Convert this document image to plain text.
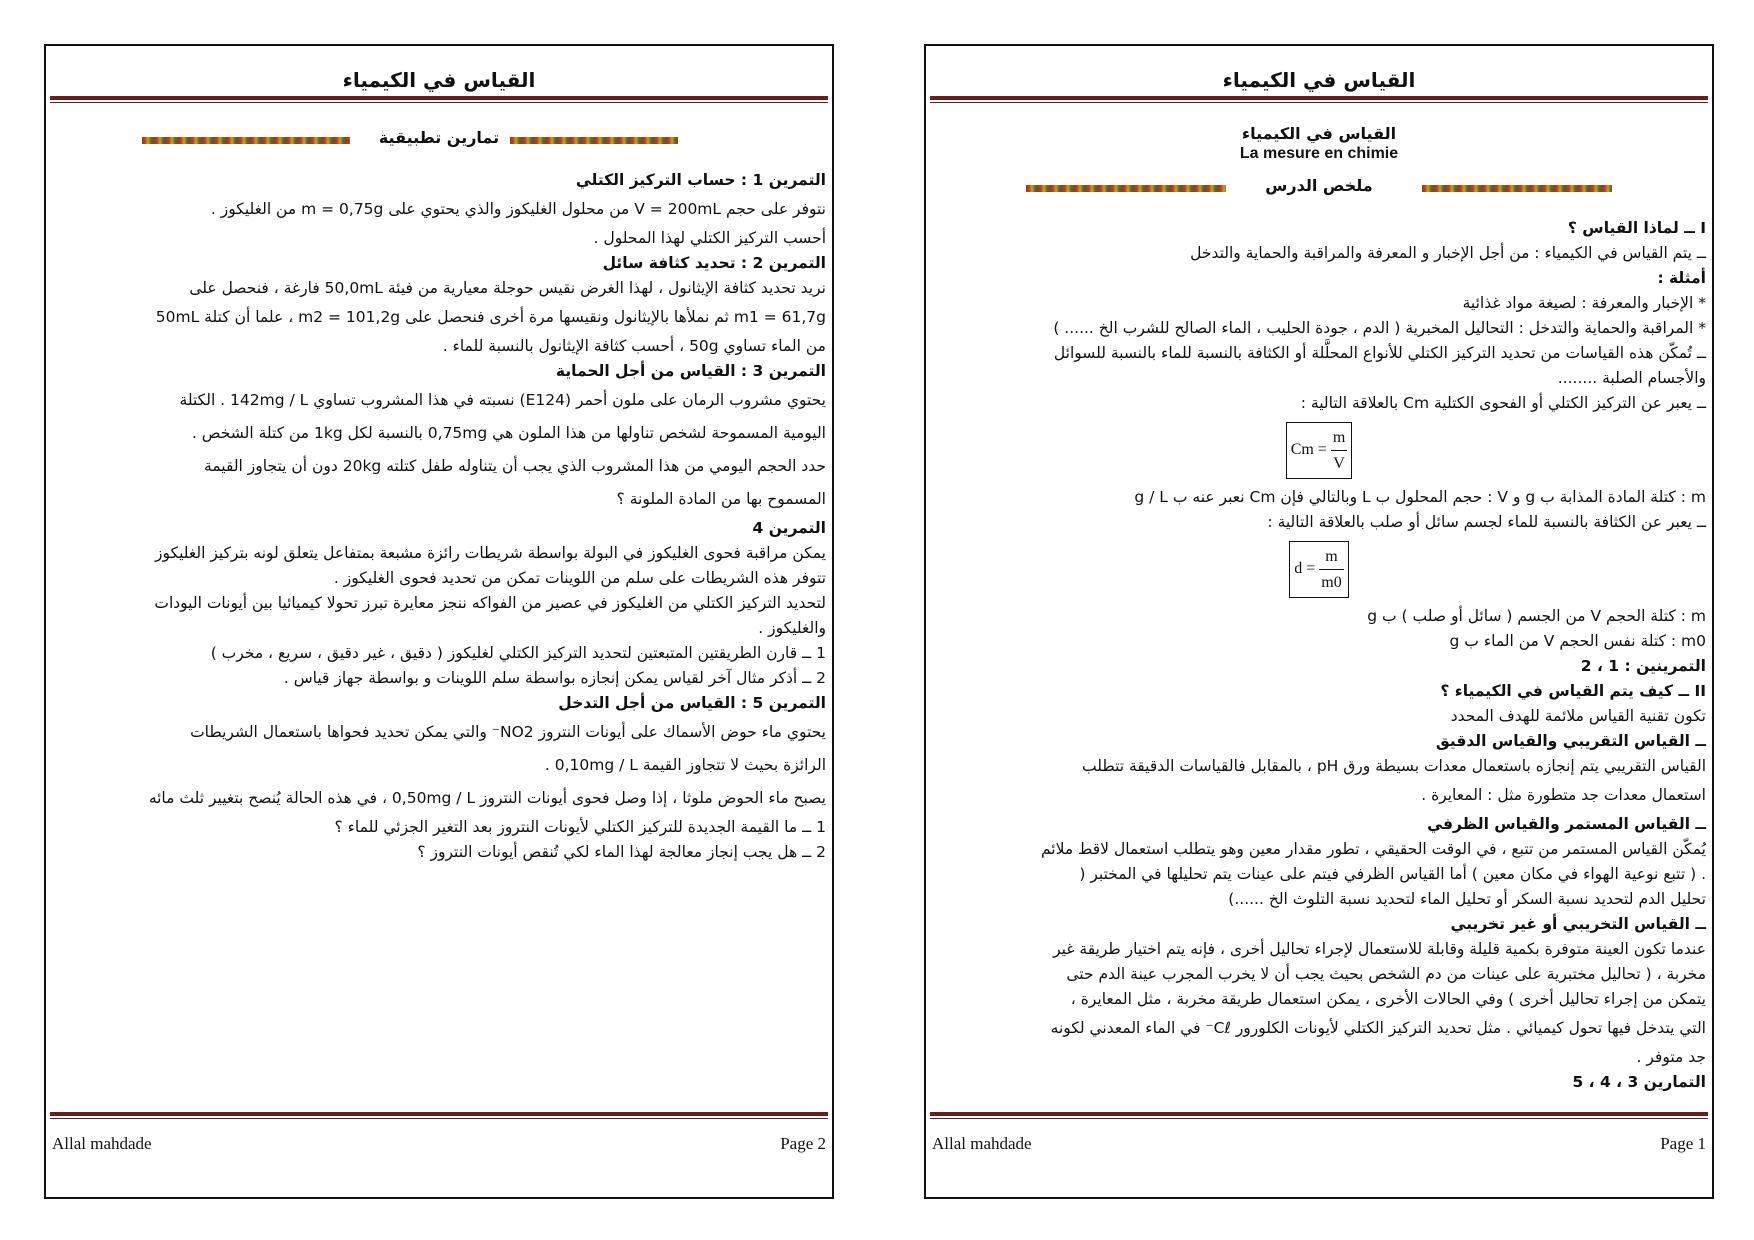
القياس في الكيمياء
تمارين تطبيقية
التمرين 1 : حساب التركيز الكتلي
نتوفر على حجم V = 200mL من محلول الغليكوز والذي يحتوي على m = 0,75g من الغليكوز .
أحسب التركيز الكتلي لهذا المحلول .
التمرين 2 : تحديد كثافة سائل
نريد تحديد كثافة الإيثانول ، لهذا الغرض نقيس حوجلة معيارية من فيئة 50,0mL فارغة ، فنحصل على
m1 = 61,7g ثم نملأها بالإيثانول ونقيسها مرة أخرى فنحصل على m2 = 101,2g ، علما أن كتلة 50mL
من الماء تساوي 50g ، أحسب كثافة الإيثانول بالنسبة للماء .
التمرين 3 : القياس من أجل الحماية
يحتوي مشروب الرمان على ملون أحمر (E124) نسبته في هذا المشروب تساوي 142mg / L . الكتلة
اليومية المسموحة لشخص تناولها من هذا الملون هي 0,75mg بالنسبة لكل 1kg من كتلة الشخص .
حدد الحجم اليومي من هذا المشروب الذي يجب أن يتناوله طفل كتلته 20kg دون أن يتجاوز القيمة
المسموح بها من المادة الملونة ؟
التمرين 4
يمكن مراقبة فحوى الغليكوز في البولة بواسطة شريطات رائزة مشبعة بمتفاعل يتعلق لونه بتركيز الغليكوز
تتوفر هذه الشريطات على سلم من اللوينات تمكن من تحديد فحوى الغليكوز .
لتحديد التركيز الكتلي من الغليكوز في عصير من الفواكه ننجز معايرة تبرز تحولا كيميائيا بين أيونات اليودات
والغليكوز .
1 ــ قارن الطريقتين المتبعتين لتحديد التركيز الكتلي لغليكوز ( دقيق ، غير دقيق ، سريع ، مخرب )
2 ــ أذكر مثال آخر لقياس يمكن إنجازه بواسطة سلم اللوينات و بواسطة جهاز قياس .
التمرين 5 : القياس من أجل التدخل
يحتوي ماء حوض الأسماك على أيونات النتروز NO2⁻ والتي يمكن تحديد فحواها باستعمال الشريطات
الرائزة بحيث لا تتجاوز القيمة 0,10mg / L .
يصبح ماء الحوض ملوثا ، إذا وصل فحوى أيونات النتروز 0,50mg / L ، في هذه الحالة يُنصح بتغيير ثلث مائه
1 ــ ما القيمة الجديدة للتركيز الكتلي لأيونات النتروز بعد التغير الجزئي للماء ؟
2 ــ هل يجب إنجاز معالجة لهذا الماء لكي تُنقص أيونات النتروز ؟
Allal mahdade	Page 2
القياس في الكيمياء
القياس في الكيمياء
La mesure en chimie
ملخص الدرس
I ــ لماذا القياس ؟
ــ يتم القياس في الكيمياء : من أجل الإخبار و المعرفة والمراقبة والحماية والتدخل
أمثلة :
* الإخبار والمعرفة : لصيغة مواد غذائية
* المراقبة والحماية والتدخل : التحاليل المخبرية ( الدم ، جودة الحليب ، الماء الصالح للشرب الخ ...... )
ــ تُمكّن هذه القياسات من تحديد التركيز الكتلي للأنواع المحلَّلة أو الكثافة بالنسبة للماء بالنسبة للسوائل
والأجسام الصلبة ........
ــ يعبر عن التركيز الكتلي أو الفحوى الكتلية Cm بالعلاقة التالية :
$Cm = \frac{m}{V}$
m : كتلة المادة المذابة ب g و V : حجم المحلول ب L وبالتالي فإن Cm نعبر عنه ب g / L
ــ يعبر عن الكثافة بالنسبة للماء لجسم سائل أو صلب بالعلاقة التالية :
$d = \frac{m}{m0}$
m : كتلة الحجم V من الجسم ( سائل أو صلب ) ب g
m0 : كتلة نفس الحجم V من الماء ب g
التمرينين : 1 ، 2
II ــ كيف يتم القياس في الكيمياء ؟
تكون تقنية القياس ملائمة للهدف المحدد
ــ القياس التقريبي والقياس الدقيق
القياس التقريبي يتم إنجازه باستعمال معدات بسيطة ورق pH ، بالمقابل فالقياسات الدقيقة تتطلب
استعمال معدات جد متطورة مثل : المعايرة .
ــ القياس المستمر والقياس الظرفي
يُمكّن القياس المستمر من تتبع ، في الوقت الحقيقي ، تطور مقدار معين وهو يتطلب استعمال لاقط ملائم
. ( تتبع نوعية الهواء في مكان معين ) أما القياس الظرفي فيتم على عينات يتم تحليلها في المختبر (
تحليل الدم لتحديد نسبة السكر أو تحليل الماء لتحديد نسبة التلوث الخ ......)
ــ القياس التخريبي أو غير تخريبي
عندما تكون العينة متوفرة بكمية قليلة وقابلة للاستعمال لإجراء تحاليل أخرى ، فإنه يتم اختيار طريقة غير
مخربة ، ( تحاليل مختبرية على عينات من دم الشخص بحيث يجب أن لا يخرب المجرب عينة الدم حتى
يتمكن من إجراء تحاليل أخرى ) وفي الحالات الأخرى ، يمكن استعمال طريقة مخربة ، مثل المعايرة ،
التي يتدخل فيها تحول كيميائي . مثل تحديد التركيز الكتلي لأيونات الكلورور Cℓ⁻ في الماء المعدني لكونه
جد متوفر .
التمارين 3 ، 4 ، 5
Allal mahdade	Page 1
